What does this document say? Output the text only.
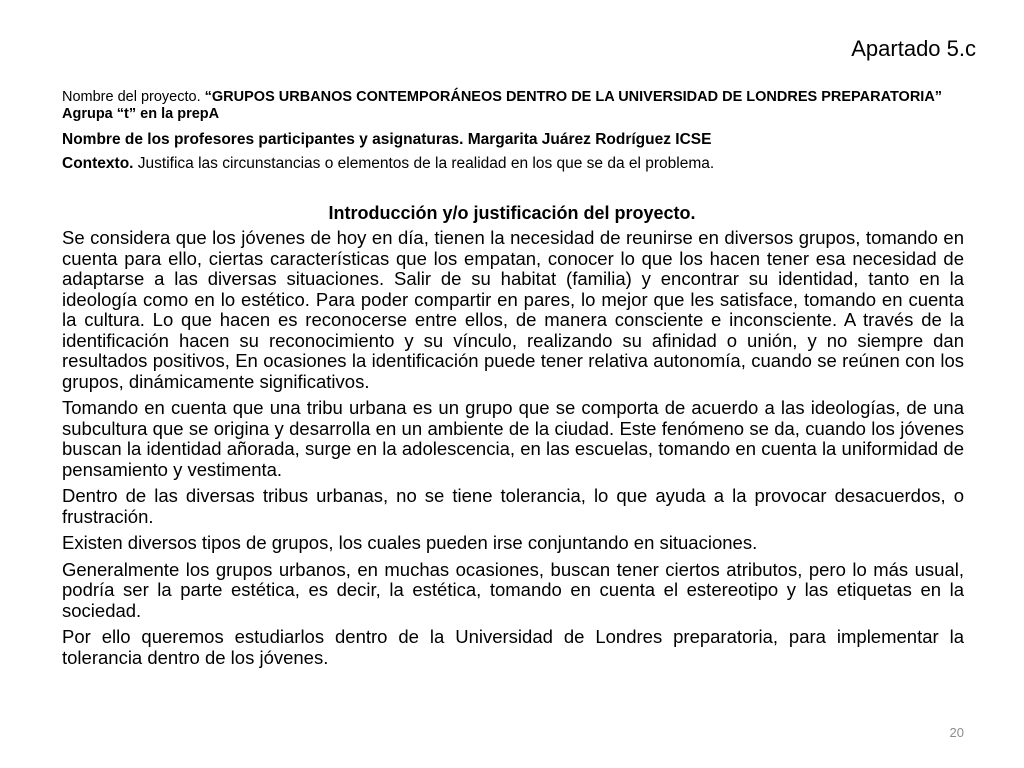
Apartado 5.c
Nombre del proyecto. “GRUPOS URBANOS CONTEMPORÁNEOS DENTRO DE LA UNIVERSIDAD DE LONDRES PREPARATORIA” Agrupa “t” en la prepA
Nombre de los profesores participantes y asignaturas. Margarita Juárez Rodríguez ICSE
Contexto. Justifica las circunstancias o elementos de la realidad en los que se da el problema.
Introducción y/o justificación del proyecto.

Se considera que los jóvenes de hoy en día, tienen la necesidad de reunirse en diversos grupos, tomando en cuenta para ello, ciertas características que los empatan, conocer lo que los hacen tener esa necesidad de adaptarse a las diversas situaciones. Salir de su habitat (familia) y encontrar su identidad, tanto en la ideología como en lo estético. Para poder compartir en pares, lo mejor que les satisface, tomando en cuenta la cultura. Lo que hacen es reconocerse entre ellos, de manera consciente e inconsciente. A través de la identificación hacen su reconocimiento y su vínculo, realizando su afinidad o unión, y no siempre dan resultados positivos, En ocasiones la identificación puede tener relativa autonomía, cuando se reúnen con los grupos, dinámicamente significativos.

Tomando en cuenta que una tribu urbana es un grupo que se comporta de acuerdo a las ideologías, de una subcultura que se origina y desarrolla en un ambiente de la ciudad. Este fenómeno se da, cuando los jóvenes buscan la identidad añorada, surge en la adolescencia, en las escuelas, tomando en cuenta la uniformidad de pensamiento y vestimenta.

Dentro de las diversas tribus urbanas, no se tiene tolerancia, lo que ayuda a la provocar desacuerdos, o frustración.

Existen diversos tipos de grupos, los cuales pueden irse conjuntando en situaciones.

Generalmente los grupos urbanos, en muchas ocasiones, buscan tener ciertos atributos, pero lo más usual, podría ser la parte estética, es decir, la estética, tomando en cuenta el estereotipo y las etiquetas en la sociedad.

Por ello queremos estudiarlos dentro de la Universidad de Londres preparatoria, para implementar la tolerancia dentro de los jóvenes.

20
